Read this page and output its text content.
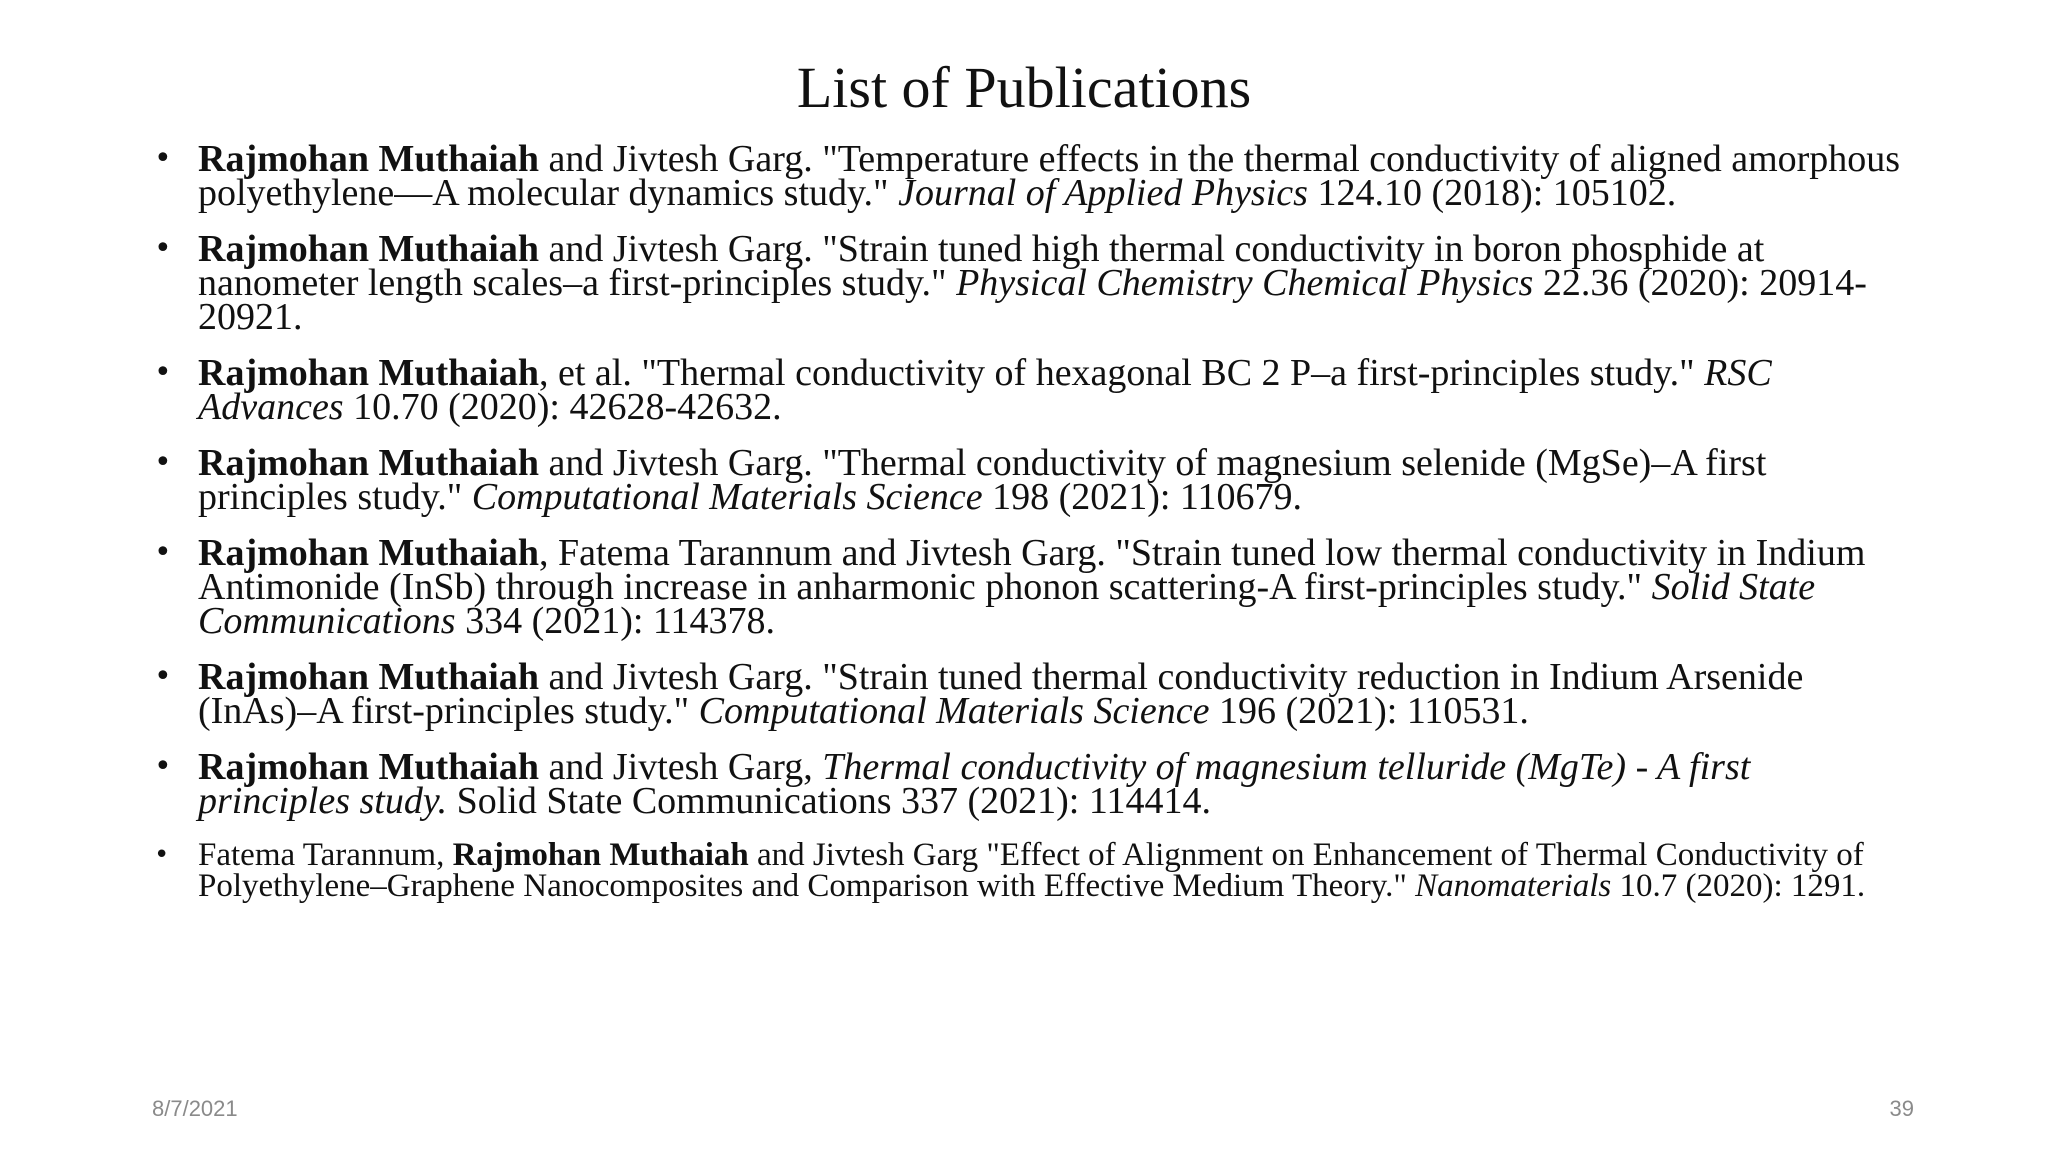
List of Publications
• Rajmohan Muthaiah and Jivtesh Garg. "Temperature effects in the thermal conductivity of aligned amorphous polyethylene—A molecular dynamics study." Journal of Applied Physics 124.10 (2018): 105102.
• Rajmohan Muthaiah and Jivtesh Garg. "Strain tuned high thermal conductivity in boron phosphide at nanometer length scales–a first-principles study." Physical Chemistry Chemical Physics 22.36 (2020): 20914-20921.
• Rajmohan Muthaiah, et al. "Thermal conductivity of hexagonal BC 2 P–a first-principles study." RSC Advances 10.70 (2020): 42628-42632.
• Rajmohan Muthaiah and Jivtesh Garg. "Thermal conductivity of magnesium selenide (MgSe)–A first principles study." Computational Materials Science 198 (2021): 110679.
• Rajmohan Muthaiah, Fatema Tarannum and Jivtesh Garg. "Strain tuned low thermal conductivity in Indium Antimonide (InSb) through increase in anharmonic phonon scattering-A first-principles study." Solid State Communications 334 (2021): 114378.
• Rajmohan Muthaiah and Jivtesh Garg. "Strain tuned thermal conductivity reduction in Indium Arsenide (InAs)–A first-principles study." Computational Materials Science 196 (2021): 110531.
• Rajmohan Muthaiah and Jivtesh Garg, Thermal conductivity of magnesium telluride (MgTe) - A first principles study. Solid State Communications 337 (2021): 114414.
• Fatema Tarannum, Rajmohan Muthaiah and Jivtesh Garg "Effect of Alignment on Enhancement of Thermal Conductivity of Polyethylene–Graphene Nanocomposites and Comparison with Effective Medium Theory." Nanomaterials 10.7 (2020): 1291.
8/7/2021	39
